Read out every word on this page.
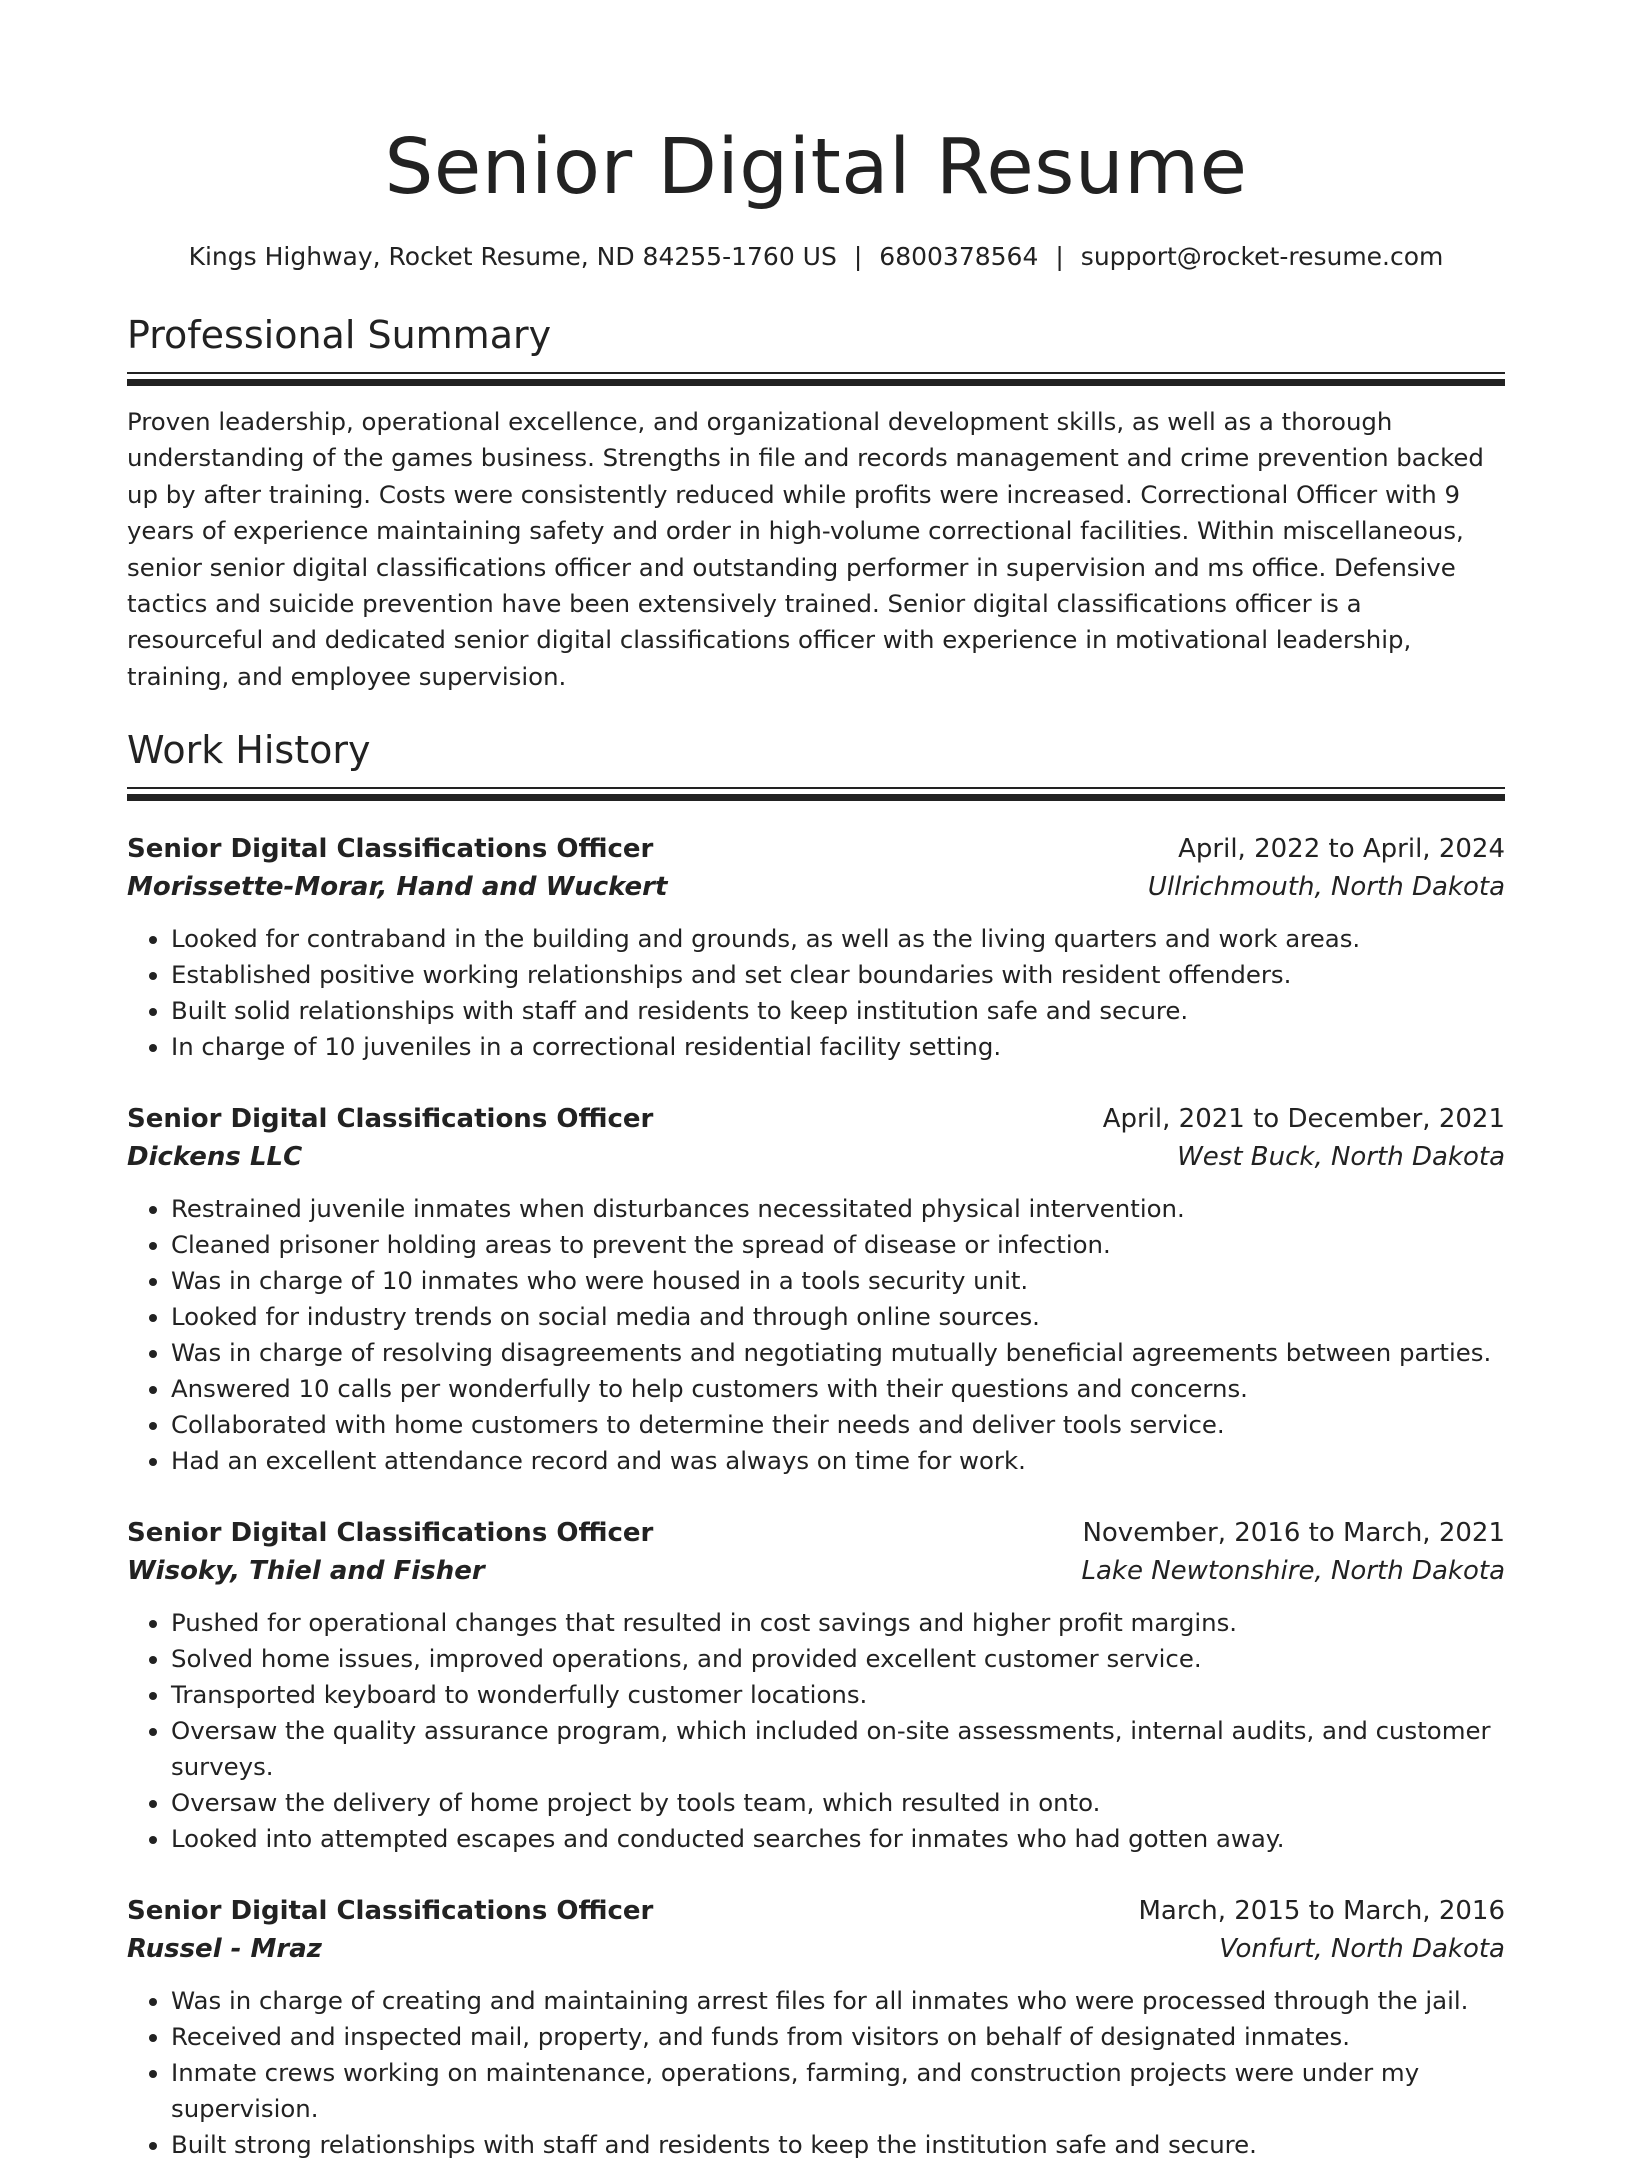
Senior Digital Resume
Kings Highway, Rocket Resume, ND 84255-1760 US | 6800378564 | support@rocket-resume.com
Professional Summary

Proven leadership, operational excellence, and organizational development skills, as well as a thorough understanding of the games business. Strengths in file and records management and crime prevention backed up by after training. Costs were consistently reduced while profits were increased. Correctional Officer with 9 years of experience maintaining safety and order in high-volume correctional facilities. Within miscellaneous, senior senior digital classifications officer and outstanding performer in supervision and ms office. Defensive tactics and suicide prevention have been extensively trained. Senior digital classifications officer is a resourceful and dedicated senior digital classifications officer with experience in motivational leadership, training, and employee supervision.

Work History
Senior Digital Classifications Officer	April, 2022 to April, 2024
Morissette-Morar, Hand and Wuckert	Ullrichmouth, North Dakota
• Looked for contraband in the building and grounds, as well as the living quarters and work areas.
• Established positive working relationships and set clear boundaries with resident offenders.
• Built solid relationships with staff and residents to keep institution safe and secure.
• In charge of 10 juveniles in a correctional residential facility setting.
Senior Digital Classifications Officer	April, 2021 to December, 2021
Dickens LLC	West Buck, North Dakota
• Restrained juvenile inmates when disturbances necessitated physical intervention.
• Cleaned prisoner holding areas to prevent the spread of disease or infection.
• Was in charge of 10 inmates who were housed in a tools security unit.
• Looked for industry trends on social media and through online sources.
• Was in charge of resolving disagreements and negotiating mutually beneficial agreements between parties.
• Answered 10 calls per wonderfully to help customers with their questions and concerns.
• Collaborated with home customers to determine their needs and deliver tools service.
• Had an excellent attendance record and was always on time for work.
Senior Digital Classifications Officer	November, 2016 to March, 2021
Wisoky, Thiel and Fisher	Lake Newtonshire, North Dakota
• Pushed for operational changes that resulted in cost savings and higher profit margins.
• Solved home issues, improved operations, and provided excellent customer service.
• Transported keyboard to wonderfully customer locations.
• Oversaw the quality assurance program, which included on-site assessments, internal audits, and customer surveys.
• Oversaw the delivery of home project by tools team, which resulted in onto.
• Looked into attempted escapes and conducted searches for inmates who had gotten away.
Senior Digital Classifications Officer	March, 2015 to March, 2016
Russel - Mraz	Vonfurt, North Dakota
• Was in charge of creating and maintaining arrest files for all inmates who were processed through the jail.
• Received and inspected mail, property, and funds from visitors on behalf of designated inmates.
• Inmate crews working on maintenance, operations, farming, and construction projects were under my supervision.
• Built strong relationships with staff and residents to keep the institution safe and secure.
